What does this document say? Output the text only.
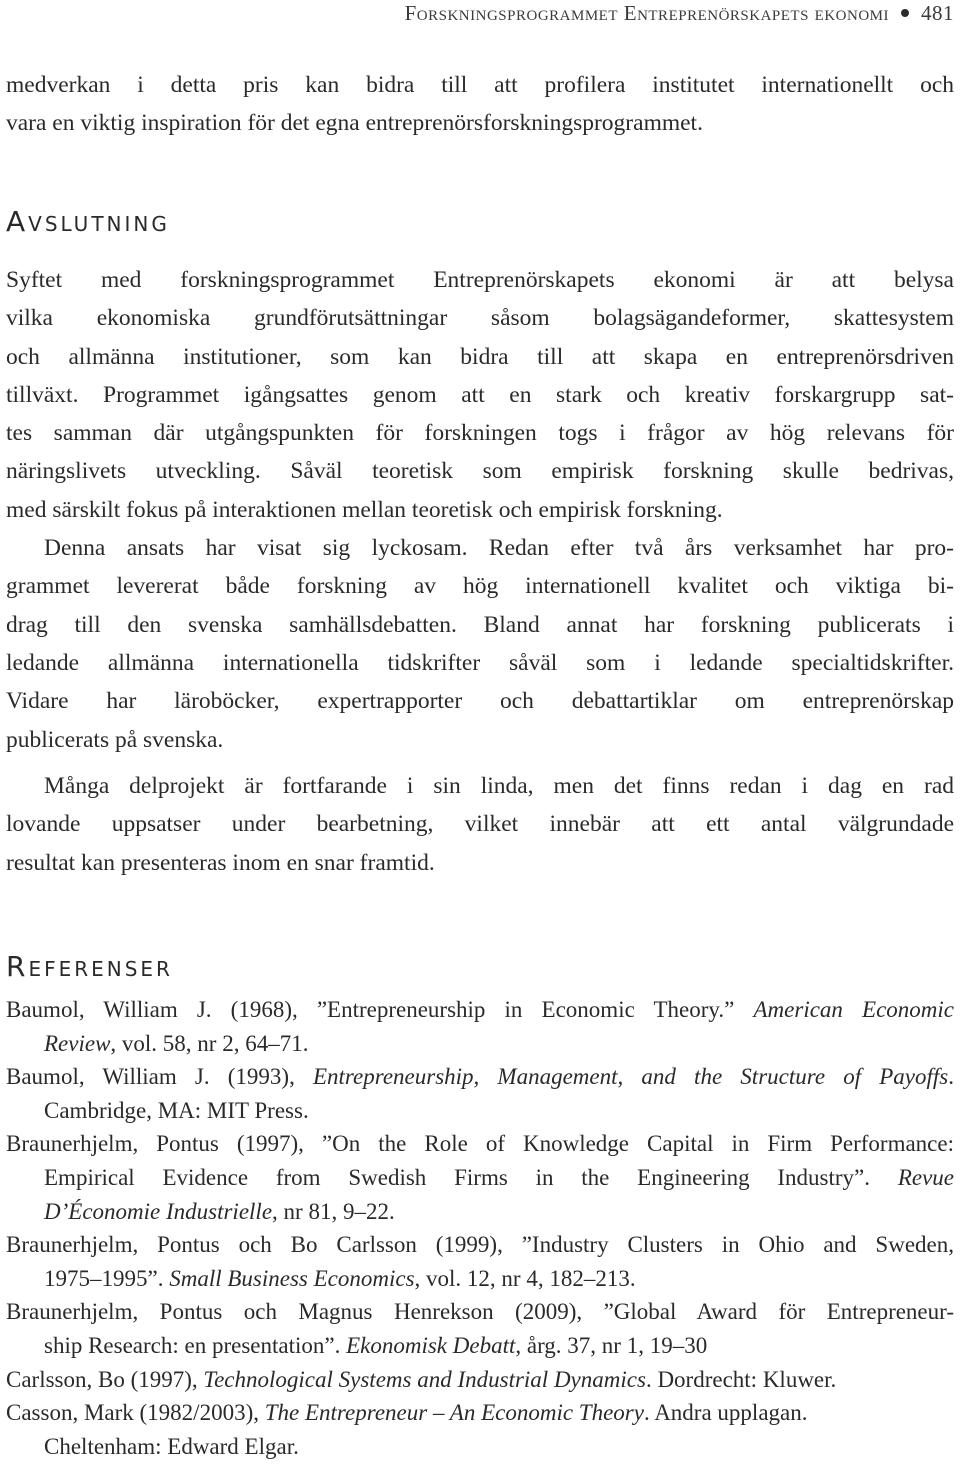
Forskningsprogrammet Entreprenörskapets ekonomi 481
medverkan i detta pris kan bidra till att profilera institutet internationellt och
vara en viktig inspiration för det egna entreprenörsforskningsprogrammet.
Avslutning
Syftet med forskningsprogrammet Entreprenörskapets ekonomi är att belysa
vilka ekonomiska grundförutsättningar såsom bolagsägandeformer, skattesystem
och allmänna institutioner, som kan bidra till att skapa en entreprenörsdriven
tillväxt. Programmet igångsattes genom att en stark och kreativ forskargrupp sat-
tes samman där utgångspunkten för forskningen togs i frågor av hög relevans för
näringslivets utveckling. Såväl teoretisk som empirisk forskning skulle bedrivas,
med särskilt fokus på interaktionen mellan teoretisk och empirisk forskning.
Denna ansats har visat sig lyckosam. Redan efter två års verksamhet har pro-
grammet levererat både forskning av hög internationell kvalitet och viktiga bi-
drag till den svenska samhällsdebatten. Bland annat har forskning publicerats i
ledande allmänna internationella tidskrifter såväl som i ledande specialtidskrifter.
Vidare har läroböcker, expertrapporter och debattartiklar om entreprenörskap
publicerats på svenska.
Många delprojekt är fortfarande i sin linda, men det finns redan i dag en rad
lovande uppsatser under bearbetning, vilket innebär att ett antal välgrundade
resultat kan presenteras inom en snar framtid.
Referenser
Baumol, William J. (1968), ”Entrepreneurship in Economic Theory.” American Economic
Review, vol. 58, nr 2, 64–71.
Baumol, William J. (1993), Entrepreneurship, Management, and the Structure of Payoffs.
Cambridge, MA: MIT Press.
Braunerhjelm, Pontus (1997), ”On the Role of Knowledge Capital in Firm Performance:
Empirical Evidence from Swedish Firms in the Engineering Industry”. Revue
D’Économie Industrielle, nr 81, 9–22.
Braunerhjelm, Pontus och Bo Carlsson (1999), ”Industry Clusters in Ohio and Sweden,
1975–1995”. Small Business Economics, vol. 12, nr 4, 182–213.
Braunerhjelm, Pontus och Magnus Henrekson (2009), ”Global Award för Entrepreneur-
ship Research: en presentation”. Ekonomisk Debatt, årg. 37, nr 1, 19–30
Carlsson, Bo (1997), Technological Systems and Industrial Dynamics. Dordrecht: Kluwer.
Casson, Mark (1982/2003), The Entrepreneur – An Economic Theory. Andra upplagan.
Cheltenham: Edward Elgar.
